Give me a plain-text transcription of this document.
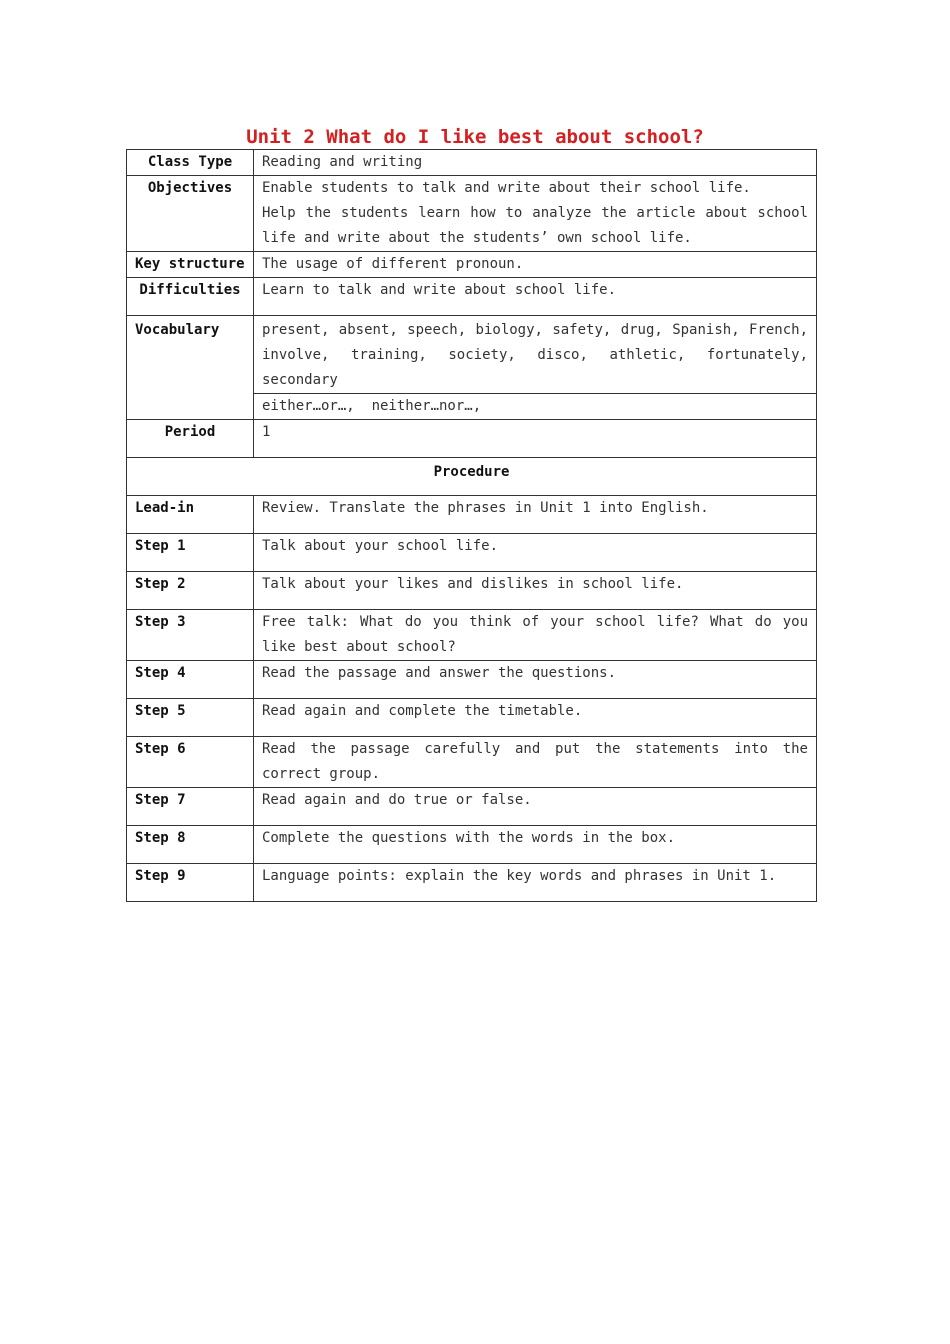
Unit 2 What do I like best about school?
Class Type	Reading and writing
Objectives	Enable students to talk and write about their school life.
Help the students learn how to analyze the article about school life and write about the students’ own school life.

Key structure	The usage of different pronoun.
Difficulties	Learn to talk and write about school life.
Vocabulary	present, absent, speech, biology, safety, drug, Spanish, French, involve, training, society, disco, athletic, fortunately, secondary
	either…or…,  neither…nor…,
Period	1
Procedure	
Lead-in	Review. Translate the phrases in Unit 1 into English.
Step 1	Talk about your school life.
Step 2	Talk about your likes and dislikes in school life.
Step 3	Free talk: What do you think of your school life? What do you like best about school?
Step 4	Read the passage and answer the questions.
Step 5	Read again and complete the timetable.
Step 6	Read the passage carefully and put the statements into the correct group.
Step 7	Read again and do true or false.
Step 8	Complete the questions with the words in the box.
Step 9	Language points: explain the key words and phrases in Unit 1.
